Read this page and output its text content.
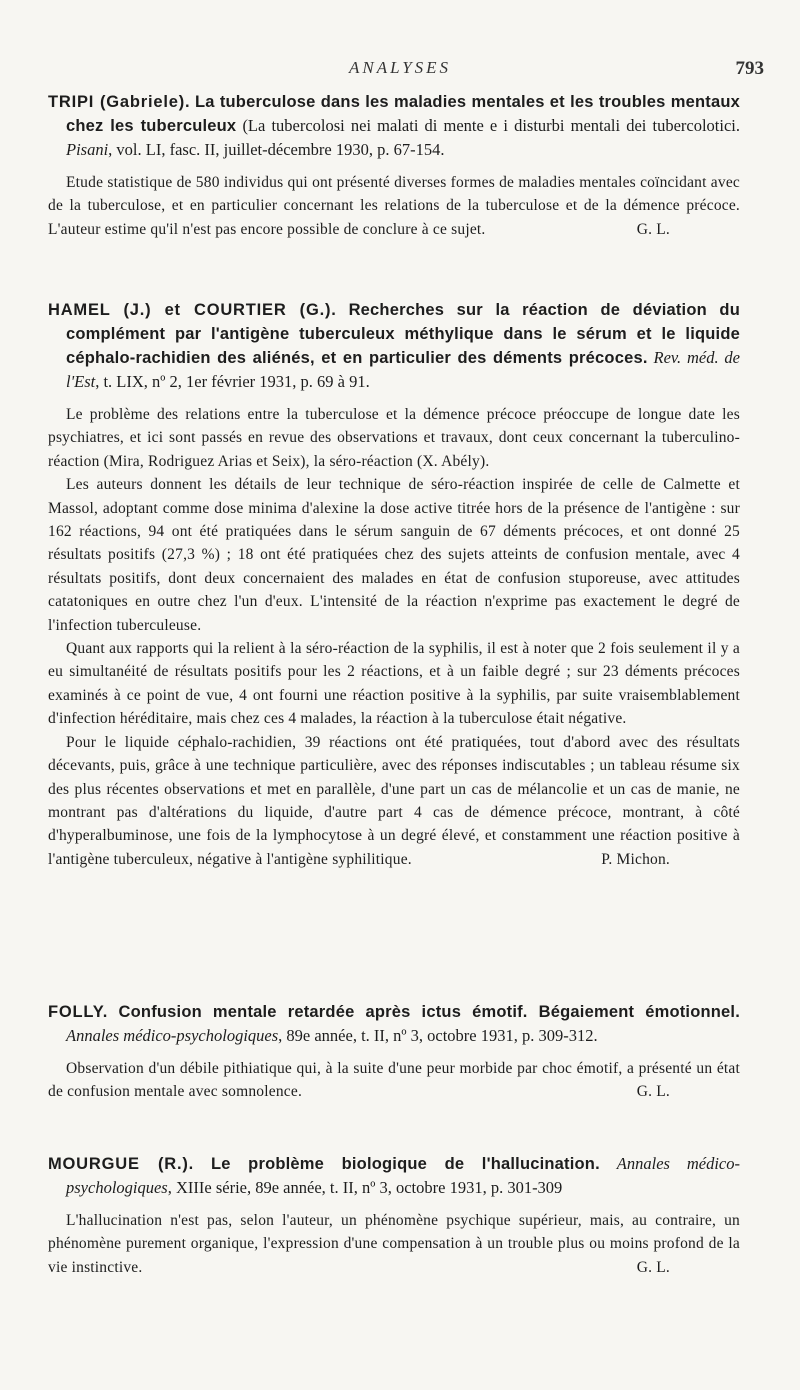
ANALYSES	793
TRIPI (Gabriele). La tuberculose dans les maladies mentales et les troubles mentaux chez les tuberculeux (La tubercolosi nei malati di mente e i disturbi mentali dei tubercolotici. Pisani, vol. LI, fasc. II, juillet-décembre 1930, p. 67-154.

Etude statistique de 580 individus qui ont présenté diverses formes de maladies mentales coïncidant avec de la tuberculose, et en particulier concernant les relations de la tuberculose et de la démence précoce. L'auteur estime qu'il n'est pas encore possible de conclure à ce sujet.	G. L.

HAMEL (J.) et COURTIER (G.). Recherches sur la réaction de déviation du complément par l'antigène tuberculeux méthylique dans le sérum et le liquide céphalo-rachidien des aliénés, et en particulier des déments précoces. Rev. méd. de l'Est, t. LIX, nº 2, 1er février 1931, p. 69 à 91.

Le problème des relations entre la tuberculose et la démence précoce préoccupe de longue date les psychiatres, et ici sont passés en revue des observations et travaux, dont ceux concernant la tuberculino-réaction (Mira, Rodriguez Arias et Seix), la séro-réaction (X. Abély).

Les auteurs donnent les détails de leur technique de séro-réaction inspirée de celle de Calmette et Massol, adoptant comme dose minima d'alexine la dose active titrée hors de la présence de l'antigène : sur 162 réactions, 94 ont été pratiquées dans le sérum sanguin de 67 déments précoces, et ont donné 25 résultats positifs (27,3 %) ; 18 ont été pratiquées chez des sujets atteints de confusion mentale, avec 4 résultats positifs, dont deux concernaient des malades en état de confusion stuporeuse, avec attitudes catatoniques en outre chez l'un d'eux. L'intensité de la réaction n'exprime pas exactement le degré de l'infection tuberculeuse.

Quant aux rapports qui la relient à la séro-réaction de la syphilis, il est à noter que 2 fois seulement il y a eu simultanéité de résultats positifs pour les 2 réactions, et à un faible degré ; sur 23 déments précoces examinés à ce point de vue, 4 ont fourni une réaction positive à la syphilis, par suite vraisemblablement d'infection héréditaire, mais chez ces 4 malades, la réaction à la tuberculose était négative.

Pour le liquide céphalo-rachidien, 39 réactions ont été pratiquées, tout d'abord avec des résultats décevants, puis, grâce à une technique particulière, avec des réponses indiscutables ; un tableau résume six des plus récentes observations et met en parallèle, d'une part un cas de mélancolie et un cas de manie, ne montrant pas d'altérations du liquide, d'autre part 4 cas de démence précoce, montrant, à côté d'hyperalbuminose, une fois de la lymphocytose à un degré élevé, et constamment une réaction positive à l'antigène tuberculeux, négative à l'antigène syphilitique.	P. Michon.

FOLLY. Confusion mentale retardée après ictus émotif. Bégaiement émotionnel. Annales médico-psychologiques, 89e année, t. II, nº 3, octobre 1931, p. 309-312.

Observation d'un débile pithiatique qui, à la suite d'une peur morbide par choc émotif, a présenté un état de confusion mentale avec somnolence.	G. L.

MOURGUE (R.). Le problème biologique de l'hallucination. Annales médico-psychologiques, XIIIe série, 89e année, t. II, nº 3, octobre 1931, p. 301-309

L'hallucination n'est pas, selon l'auteur, un phénomène psychique supérieur, mais, au contraire, un phénomène purement organique, l'expression d'une compensation à un trouble plus ou moins profond de la vie instinctive.	G. L.
